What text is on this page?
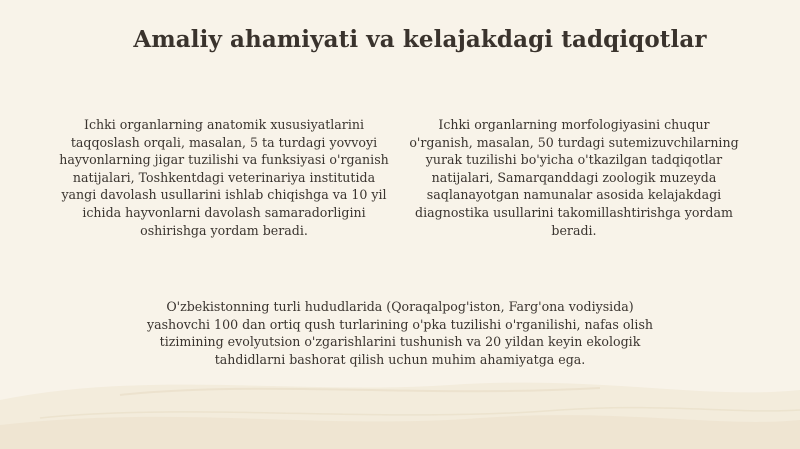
Amaliy ahamiyati va kelajakdagi tadqiqotlar
Ichki organlarning anatomik xususiyatlarini taqqoslash orqali, masalan, 5 ta turdagi yovvoyi hayvonlarning jigar tuzilishi va funksiyasi o'rganish natijalari, Toshkentdagi veterinariya institutida yangi davolash usullarini ishlab chiqishga va 10 yil ichida hayvonlarni davolash samaradorligini oshirishga yordam beradi.
Ichki organlarning morfologiyasini chuqur o'rganish, masalan, 50 turdagi sutemizuvchilarning yurak tuzilishi bo'yicha o'tkazilgan tadqiqotlar natijalari, Samarqanddagi zoologik muzeyda saqlanayotgan namunalar asosida kelajakdagi diagnostika usullarini takomillashtirishga yordam beradi.
O'zbekistonning turli hududlarida (Qoraqalpog'iston, Farg'ona vodiysida) yashovchi 100 dan ortiq qush turlarining o'pka tuzilishi o'rganilishi, nafas olish tizimining evolyutsion o'zgarishlarini tushunish va 20 yildan keyin ekologik tahdidlarni bashorat qilish uchun muhim ahamiyatga ega.
